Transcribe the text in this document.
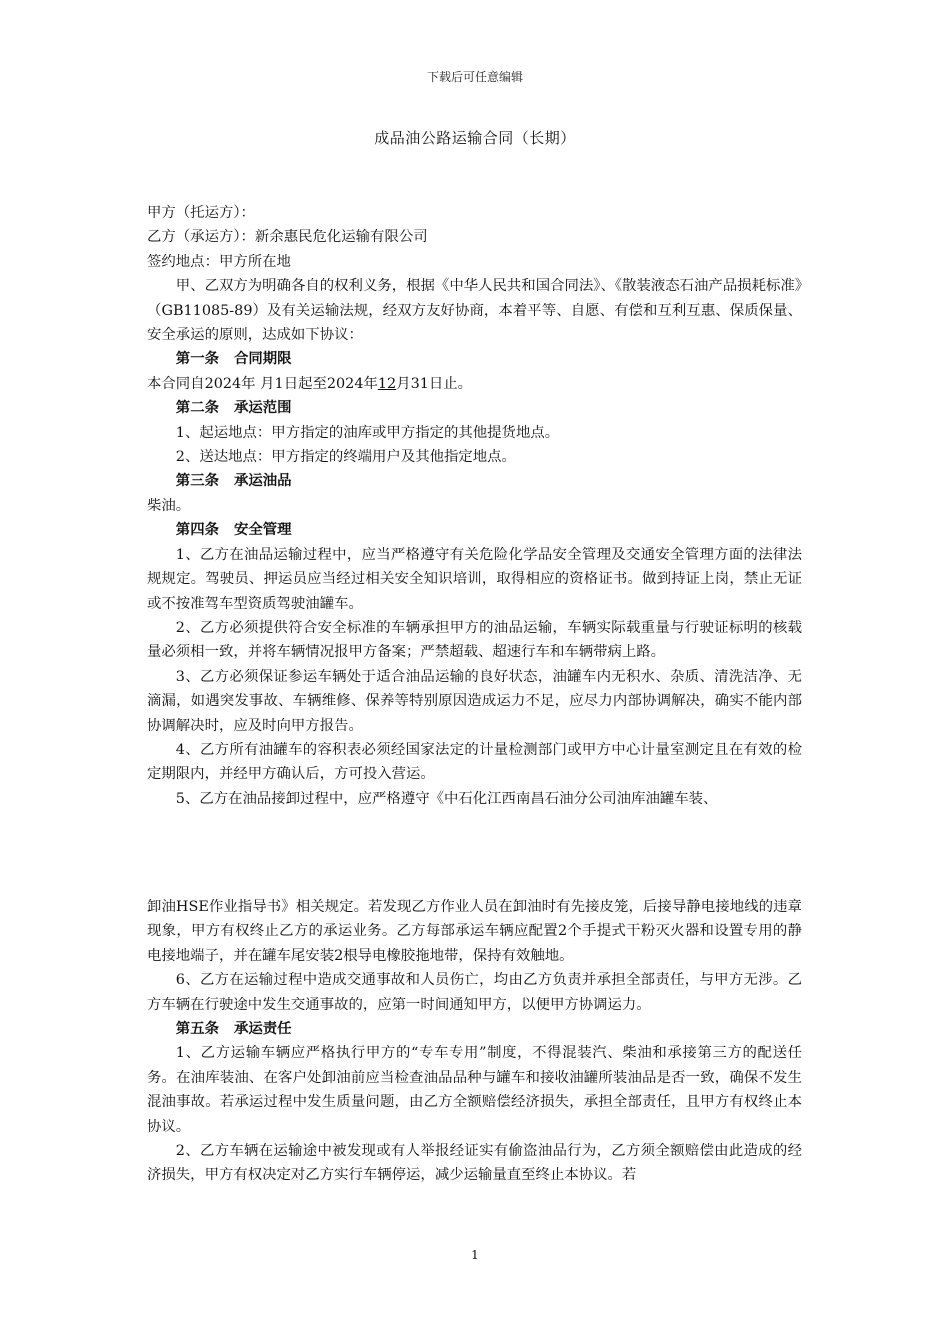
下载后可任意编辑
成品油公路运输合同（长期）

甲方（托运方）：

乙方（承运方）：新余惠民危化运输有限公司

签约地点：甲方所在地

甲、乙双方为明确各自的权利义务，根据《中华人民共和国合同法》、《散装液态石油产品损耗标准》（GB11085-89）及有关运输法规，经双方友好协商，本着平等、自愿、有偿和互利互惠、保质保量、安全承运的原则，达成如下协议：

第一条   合同期限

本合同自2024年 月1日起至2024年12月31日止。

第二条   承运范围

1、起运地点：甲方指定的油库或甲方指定的其他提货地点。

2、送达地点：甲方指定的终端用户及其他指定地点。

第三条   承运油品

柴油。

第四条   安全管理

1、乙方在油品运输过程中，应当严格遵守有关危险化学品安全管理及交通安全管理方面的法律法规规定。驾驶员、押运员应当经过相关安全知识培训，取得相应的资格证书。做到持证上岗，禁止无证或不按准驾车型资质驾驶油罐车。

2、乙方必须提供符合安全标准的车辆承担甲方的油品运输，车辆实际载重量与行驶证标明的核载量必须相一致，并将车辆情况报甲方备案；严禁超载、超速行车和车辆带病上路。

3、乙方必须保证参运车辆处于适合油品运输的良好状态，油罐车内无积水、杂质、清洗洁净、无滴漏，如遇突发事故、车辆维修、保养等特别原因造成运力不足，应尽力内部协调解决，确实不能内部协调解决时，应及时向甲方报告。

4、乙方所有油罐车的容积表必须经国家法定的计量检测部门或甲方中心计量室测定且在有效的检定期限内，并经甲方确认后，方可投入营运。

5、乙方在油品接卸过程中，应严格遵守《中石化江西南昌石油分公司油库油罐车装、

卸油HSE作业指导书》相关规定。若发现乙方作业人员在卸油时有先接皮笼，后接导静电接地线的违章现象，甲方有权终止乙方的承运业务。乙方每部承运车辆应配置2个手提式干粉灭火器和设置专用的静电接地端子，并在罐车尾安装2根导电橡胶拖地带，保持有效触地。

6、乙方在运输过程中造成交通事故和人员伤亡，均由乙方负责并承担全部责任，与甲方无涉。乙方车辆在行驶途中发生交通事故的，应第一时间通知甲方，以便甲方协调运力。

第五条   承运责任

1、乙方运输车辆应严格执行甲方的“专车专用”制度，不得混装汽、柴油和承接第三方的配送任务。在油库装油、在客户处卸油前应当检查油品品种与罐车和接收油罐所装油品是否一致，确保不发生混油事故。若承运过程中发生质量问题，由乙方全额赔偿经济损失，承担全部责任，且甲方有权终止本协议。

2、乙方车辆在运输途中被发现或有人举报经证实有偷盗油品行为，乙方须全额赔偿由此造成的经济损失，甲方有权决定对乙方实行车辆停运，减少运输量直至终止本协议。若

1
